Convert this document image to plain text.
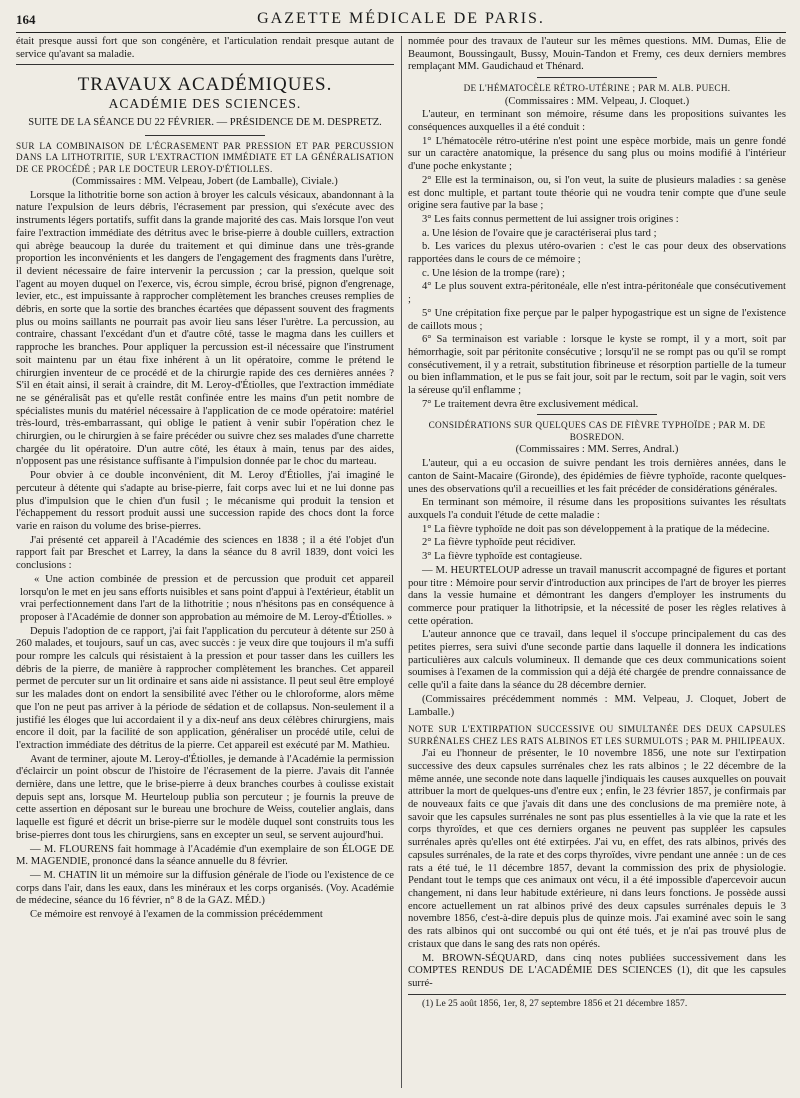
164	GAZETTE MÉDICALE DE PARIS.

était presque aussi fort que son congénère, et l'articulation rendait presque autant de service qu'avant sa maladie.

TRAVAUX ACADÉMIQUES.
ACADÉMIE DES SCIENCES.
SUITE DE LA SÉANCE DU 22 FÉVRIER. — PRÉSIDENCE DE M. DESPRETZ.
SUR LA COMBINAISON DE L'ÉCRASEMENT PAR PRESSION ET PAR PERCUSSION DANS LA LITHOTRITIE, SUR L'EXTRACTION IMMÉDIATE ET LA GÉNÉRALISATION DE CE PROCÉDÉ ; PAR LE DOCTEUR LEROY-D'ÉTIOLLES.

(Commissaires : MM. Velpeau, Jobert (de Lamballe), Civiale.)

Lorsque la lithotritie borne son action à broyer les calculs vésicaux, abandonnant à la nature l'expulsion de leurs débris, l'écrasement par pression, qui s'exécute avec des instruments légers portatifs, suffit dans la grande majorité des cas. Mais lorsque l'on veut faire l'extraction immédiate des détritus avec le brise-pierre à double cuillers, extraction qui abrège beaucoup la durée du traitement et qui diminue dans une très-grande proportion les inconvénients et les dangers de l'engagement des fragments dans l'urètre, il devient nécessaire de faire intervenir la percussion ; car la pression, quelque soit l'agent au moyen duquel on l'exerce, vis, écrou simple, écrou brisé, pignon d'engrenage, levier, etc., est impuissante à rapprocher complètement les branches creuses remplies de débris, en sorte que la sortie des branches écartées que dépassent souvent des fragments plus ou moins saillants ne pourrait pas avoir lieu sans léser l'urètre. La percussion, au contraire, chassant l'excédant d'un et d'autre côté, tasse le magma dans les cuillers et rapproche les branches. Pour appliquer la percussion est-il nécessaire que l'instrument soit maintenu par un étau fixe inhérent à un lit opératoire, comme le prétend le chirurgien inventeur de ce procédé et de la chirurgie rapide des ces dernières années ? S'il en était ainsi, il serait à craindre, dit M. Leroy-d'Étiolles, que l'extraction immédiate ne se généralisât pas et qu'elle restât confinée entre les mains d'un petit nombre de spécialistes munis du matériel nécessaire à l'application de ce mode opératoire: matériel très-lourd, très-embarrassant, qui oblige le patient à venir subir l'opération chez le chirurgien, ou le chirurgien à se faire précéder ou suivre chez ses malades d'une charrette chargée du lit opératoire. D'un autre côté, les étaux à main, tenus par des aides, n'opposent pas une résistance suffisante à l'impulsion donnée par le choc du marteau.

Pour obvier à ce double inconvénient, dit M. Leroy d'Étiolles, j'ai imaginé le percuteur à détente qui s'adapte au brise-pierre, fait corps avec lui et ne lui donne pas plus d'impulsion que le chien d'un fusil ; le mécanisme qui produit la tension et l'échappement du ressort produit aussi une succession rapide des chocs dont la force varie en raison du volume des brise-pierres.

J'ai présenté cet appareil à l'Académie des sciences en 1838 ; il a été l'objet d'un rapport fait par Breschet et Larrey, la dans la séance du 8 avril 1839, dont voici les conclusions :

« Une action combinée de pression et de percussion que produit cet appareil lorsqu'on le met en jeu sans efforts nuisibles et sans point d'appui à l'extérieur, établit un vrai perfectionnement dans l'art de la lithotritie ; nous n'hésitons pas en conséquence à proposer à l'Académie de donner son approbation au mémoire de M. Leroy-d'Étiolles. »

Depuis l'adoption de ce rapport, j'ai fait l'application du percuteur à détente sur 250 à 260 malades, et toujours, sauf un cas, avec succès : je veux dire que toujours il m'a suffi pour rompre les calculs qui résistaient à la pression et pour tasser dans les cuillers les débris de la pierre, de manière à rapprocher complètement les branches. Cet appareil permet de percuter sur un lit ordinaire et sans aide ni assistance. Il peut seul être employé sur les malades dont on endort la sensibilité avec l'éther ou le chloroforme, alors même que l'on ne peut pas arriver à la période de sédation et de collapsus. Non-seulement il a justifié les éloges que lui accordaient il y a dix-neuf ans deux célèbres chirurgiens, mais encore il doit, par la facilité de son application, généraliser un procédé utile, celui de l'extraction immédiate des détritus de la pierre. Cet appareil est exécuté par M. Mathieu.

Avant de terminer, ajoute M. Leroy-d'Étiolles, je demande à l'Académie la permission d'éclaircir un point obscur de l'histoire de l'écrasement de la pierre. J'avais dit l'année dernière, dans une lettre, que le brise-pierre à deux branches courbes à coulisse existait depuis sept ans, lorsque M. Heurteloup publia son percuteur ; je fournis la preuve de cette assertion en déposant sur le bureau une brochure de Weiss, coutelier anglais, dans laquelle est figuré et décrit un brise-pierre sur le modèle duquel sont construits tous les brise-pierres dont tous les chirurgiens, sans en excepter un seul, se servent aujourd'hui.

— M. FLOURENS fait hommage à l'Académie d'un exemplaire de son ÉLOGE DE M. MAGENDIE, prononcé dans la séance annuelle du 8 février.

— M. CHATIN lit un mémoire sur la diffusion générale de l'iode ou l'existence de ce corps dans l'air, dans les eaux, dans les minéraux et les corps organisés. (Voy. Académie de médecine, séance du 16 février, n° 8 de la GAZ. MÉD.)

Ce mémoire est renvoyé à l'examen de la commission précédemment

nommée pour des travaux de l'auteur sur les mêmes questions. MM. Dumas, Élie de Beaumont, Boussingault, Bussy, Mouin-Tandon et Fremy, ces deux derniers membres remplaçant MM. Gaudichaud et Thénard.

DE L'HÉMATOCÈLE RÉTRO-UTÉRINE ; PAR M. ALB. PUECH.

(Commissaires : MM. Velpeau, J. Cloquet.)

L'auteur, en terminant son mémoire, résume dans les propositions suivantes les conséquences auxquelles il a été conduit :

1° L'hématocèle rétro-utérine n'est point une espèce morbide, mais un genre fondé sur un caractère anatomique, la présence du sang plus ou moins modifié à l'intérieur d'une poche enkystante ;

2° Elle est la terminaison, ou, si l'on veut, la suite de plusieurs maladies : sa genèse est donc multiple, et partant toute théorie qui ne voudra tenir compte que d'une seule origine sera fautive par la base ;

3° Les faits connus permettent de lui assigner trois origines :

a. Une lésion de l'ovaire que je caractériserai plus tard ;

b. Les varices du plexus utéro-ovarien : c'est le cas pour deux des observations rapportées dans le cours de ce mémoire ;

c. Une lésion de la trompe (rare) ;

4° Le plus souvent extra-péritonéale, elle n'est intra-péritonéale que consécutivement ;

5° Une crépitation fixe perçue par le palper hypogastrique est un signe de l'existence de caillots mous ;

6° Sa terminaison est variable : lorsque le kyste se rompt, il y a mort, soit par hémorrhagie, soit par péritonite consécutive ; lorsqu'il ne se rompt pas ou qu'il se rompt consécutivement, il y a retrait, substitution fibrineuse et résorption partielle de la tumeur ou bien inflammation, et le pus se fait jour, soit par le rectum, soit par le vagin, soit vers la séreuse qu'il enflamme ;

7° Le traitement devra être exclusivement médical.

CONSIDÉRATIONS SUR QUELQUES CAS DE FIÈVRE TYPHOÏDE ; PAR M. DE BOSREDON.

(Commissaires : MM. Serres, Andral.)

L'auteur, qui a eu occasion de suivre pendant les trois dernières années, dans le canton de Saint-Macaire (Gironde), des épidémies de fièvre typhoïde, raconte quelques-unes des observations qu'il a recueillies et les fait précéder de considérations générales.

En terminant son mémoire, il résume dans les propositions suivantes les résultats auxquels l'a conduit l'étude de cette maladie :

1° La fièvre typhoïde ne doit pas son développement à la pratique de la médecine.

2° La fièvre typhoïde peut récidiver.

3° La fièvre typhoïde est contagieuse.

— M. HEURTELOUP adresse un travail manuscrit accompagné de figures et portant pour titre : Mémoire pour servir d'introduction aux principes de l'art de broyer les pierres dans la vessie humaine et démontrant les dangers d'employer les instruments du commerce pour pratiquer la lithotripsie, et la nécessité de poser les règles relatives à cette opération.

L'auteur annonce que ce travail, dans lequel il s'occupe principalement du cas des petites pierres, sera suivi d'une seconde partie dans laquelle il donnera les indications particulières aux calculs volumineux. Il demande que ces deux communications soient soumises à l'examen de la commission qui a déjà été chargée de prendre connaissance de celle qu'il a faite dans la séance du 28 décembre dernier.

(Commissaires précédemment nommés : MM. Velpeau, J. Cloquet, Jobert de Lamballe.)

NOTE SUR L'EXTIRPATION SUCCESSIVE OU SIMULTANÉE DES DEUX CAPSULES SURRÉNALES CHEZ LES RATS ALBINOS ET LES SURMULOTS ; PAR M. PHILIPEAUX.

J'ai eu l'honneur de présenter, le 10 novembre 1856, une note sur l'extirpation successive des deux capsules surrénales chez les rats albinos ; le 22 décembre de la même année, une seconde note dans laquelle j'indiquais les causes auxquelles on pouvait attribuer la mort de quelques-uns d'entre eux ; enfin, le 23 février 1857, je confirmais par de nouveaux faits ce que j'avais dit dans une des conclusions de ma première note, à savoir que les capsules surrénales ne sont pas plus essentielles à la vie que la rate et les corps thyroïdes, et que ces derniers organes ne peuvent pas suppléer les capsules surrénales après qu'elles ont été extirpées. J'ai vu, en effet, des rats albinos, privés des capsules surrénales, de la rate et des corps thyroïdes, vivre pendant une année : un de ces rats a été tué, le 11 décembre 1857, devant la commission des prix de physiologie. Pendant tout le temps que ces animaux ont vécu, il a été impossible d'apercevoir aucun changement, ni dans leur habitude extérieure, ni dans leurs fonctions. Je possède aussi encore actuellement un rat albinos privé des deux capsules surrénales depuis le 3 novembre 1856, c'est-à-dire depuis plus de quinze mois. J'ai examiné avec soin le sang des rats albinos qui ont succombé ou qui ont été tués, et je n'ai pas trouvé plus de cristaux que dans le sang des rats non opérés.

M. BROWN-SÉQUARD, dans cinq notes publiées successivement dans les COMPTES RENDUS DE L'ACADÉMIE DES SCIENCES (1), dit que les capsules surré-

(1) Le 25 août 1856, 1er, 8, 27 septembre 1856 et 21 décembre 1857.
